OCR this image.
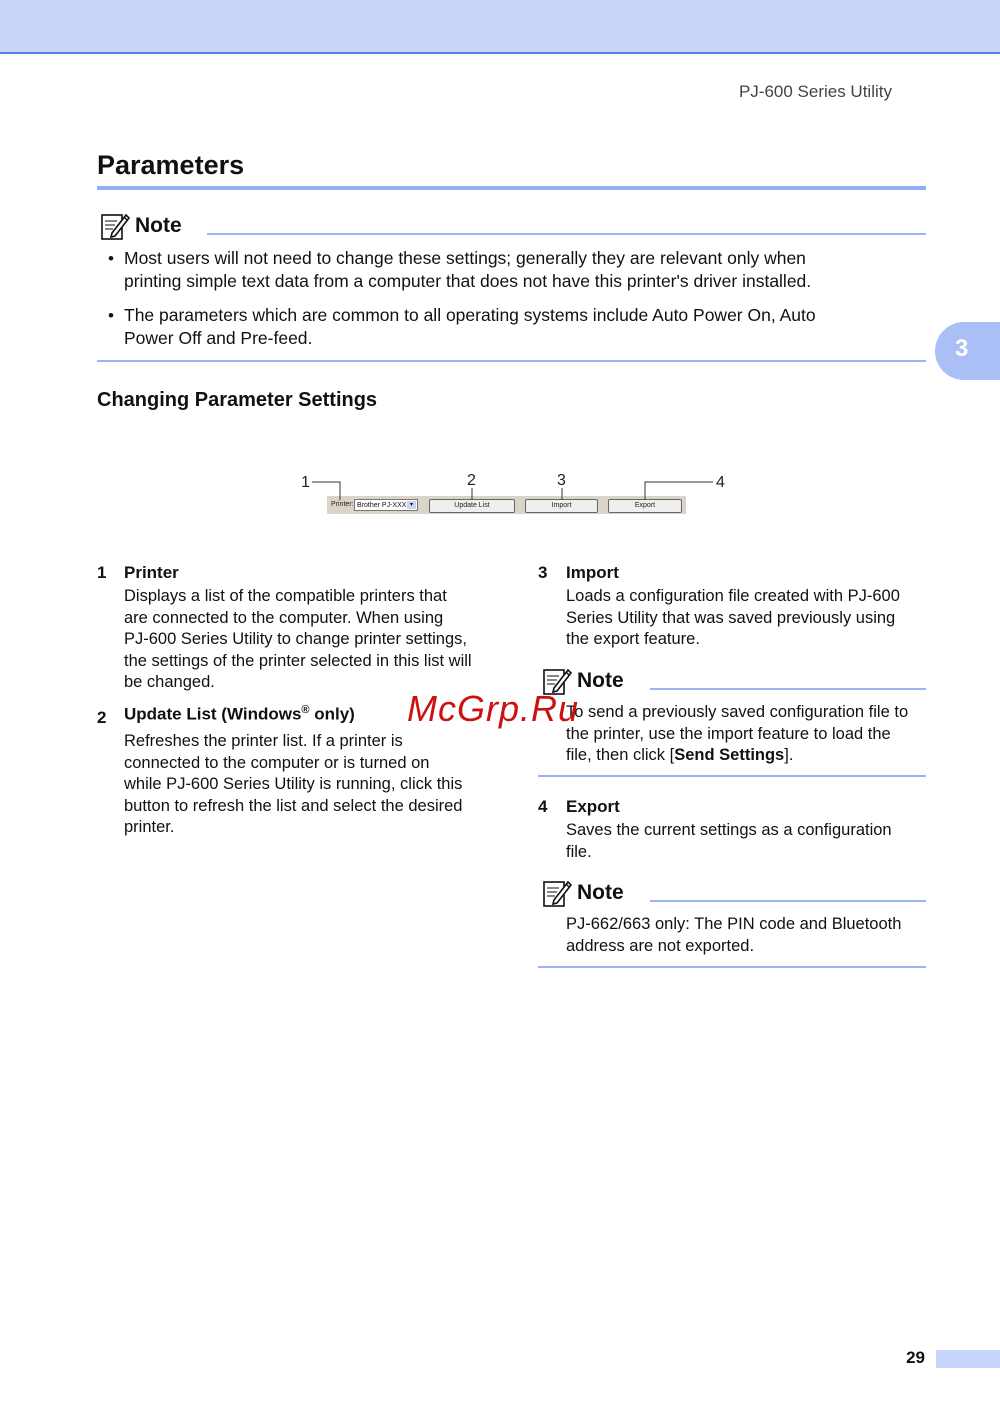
PJ-600 Series Utility
3
Parameters
Note
• Most users will not need to change these settings; generally they are relevant only when
printing simple text data from a computer that does not have this printer's driver installed.
• The parameters which are common to all operating systems include Auto Power On, Auto
Power Off and Pre-feed.
Changing Parameter Settings
Printer: Brother PJ-XXX ▾	Update List	Import	Export
1	2	3	4
1 Printer
Displays a list of the compatible printers that
are connected to the computer. When using
PJ-600 Series Utility to change printer settings,
the settings of the printer selected in this list will
be changed.
2 Update List (Windows® only)
Refreshes the printer list. If a printer is
connected to the computer or is turned on
while PJ-600 Series Utility is running, click this
button to refresh the list and select the desired
printer.
3 Import
Loads a configuration file created with PJ-600
Series Utility that was saved previously using
the export feature.
Note
To send a previously saved configuration file to
the printer, use the import feature to load the
file, then click [Send Settings].
4 Export
Saves the current settings as a configuration
file.
Note
PJ-662/663 only: The PIN code and Bluetooth
address are not exported.
McGrp.Ru
29
